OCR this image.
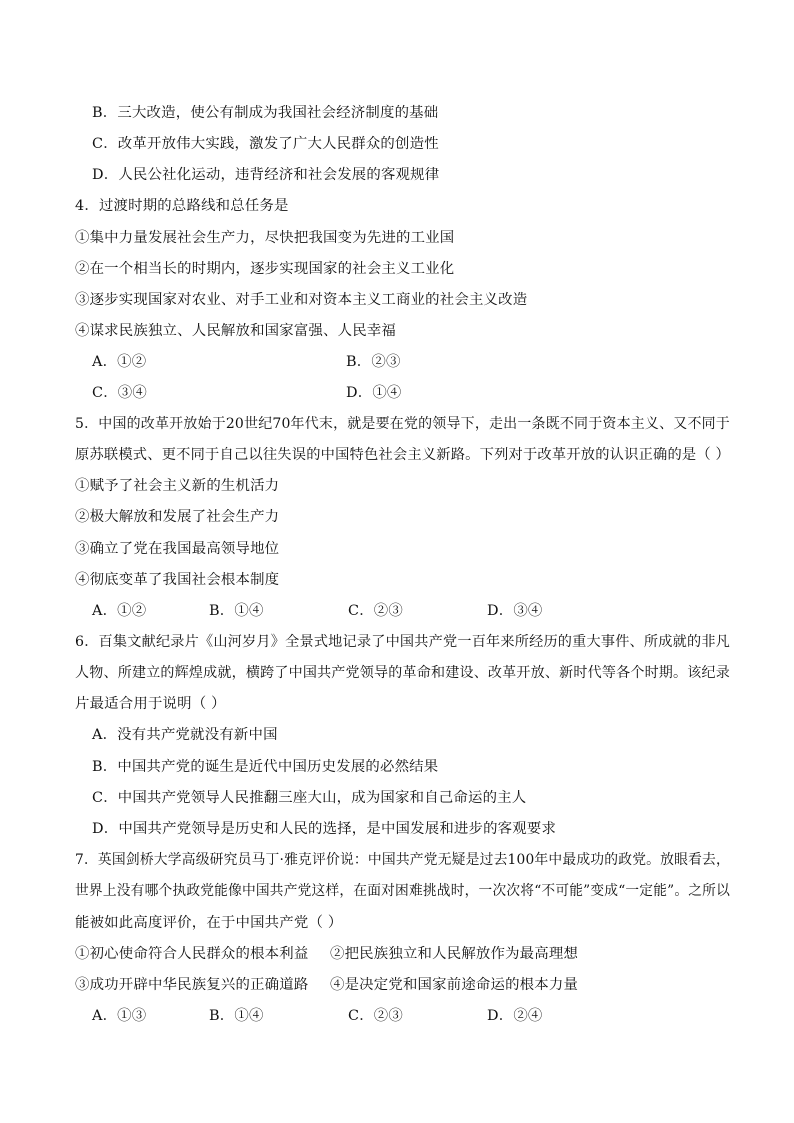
B．三大改造，使公有制成为我国社会经济制度的基础
C．改革开放伟大实践，激发了广大人民群众的创造性
D．人民公社化运动，违背经济和社会发展的客观规律
4．过渡时期的总路线和总任务是
①集中力量发展社会生产力，尽快把我国变为先进的工业国
②在一个相当长的时期内，逐步实现国家的社会主义工业化
③逐步实现国家对农业、对手工业和对资本主义工商业的社会主义改造
④谋求民族独立、人民解放和国家富强、人民幸福
A．①②	B．②③
C．③④	D．①④
5．中国的改革开放始于20世纪70年代末，就是要在党的领导下，走出一条既不同于资本主义、又不同于
原苏联模式、更不同于自己以往失误的中国特色社会主义新路。下列对于改革开放的认识正确的是（ ）
①赋予了社会主义新的生机活力
②极大解放和发展了社会生产力
③确立了党在我国最高领导地位
④彻底变革了我国社会根本制度
A．①②	B．①④	C．②③	D．③④
6．百集文献纪录片《山河岁月》全景式地记录了中国共产党一百年来所经历的重大事件、所成就的非凡
人物、所建立的辉煌成就，横跨了中国共产党领导的革命和建设、改革开放、新时代等各个时期。该纪录
片最适合用于说明（ ）
A．没有共产党就没有新中国
B．中国共产党的诞生是近代中国历史发展的必然结果
C．中国共产党领导人民推翻三座大山，成为国家和自己命运的主人
D．中国共产党领导是历史和人民的选择，是中国发展和进步的客观要求
7．英国剑桥大学高级研究员马丁·雅克评价说：中国共产党无疑是过去100年中最成功的政党。放眼看去，
世界上没有哪个执政党能像中国共产党这样，在面对困难挑战时，一次次将“不可能”变成“一定能”。之所以
能被如此高度评价，在于中国共产党（ ）
①初心使命符合人民群众的根本利益 ②把民族独立和人民解放作为最高理想
③成功开辟中华民族复兴的正确道路 ④是决定党和国家前途命运的根本力量
A．①③	B．①④	C．②③	D．②④
